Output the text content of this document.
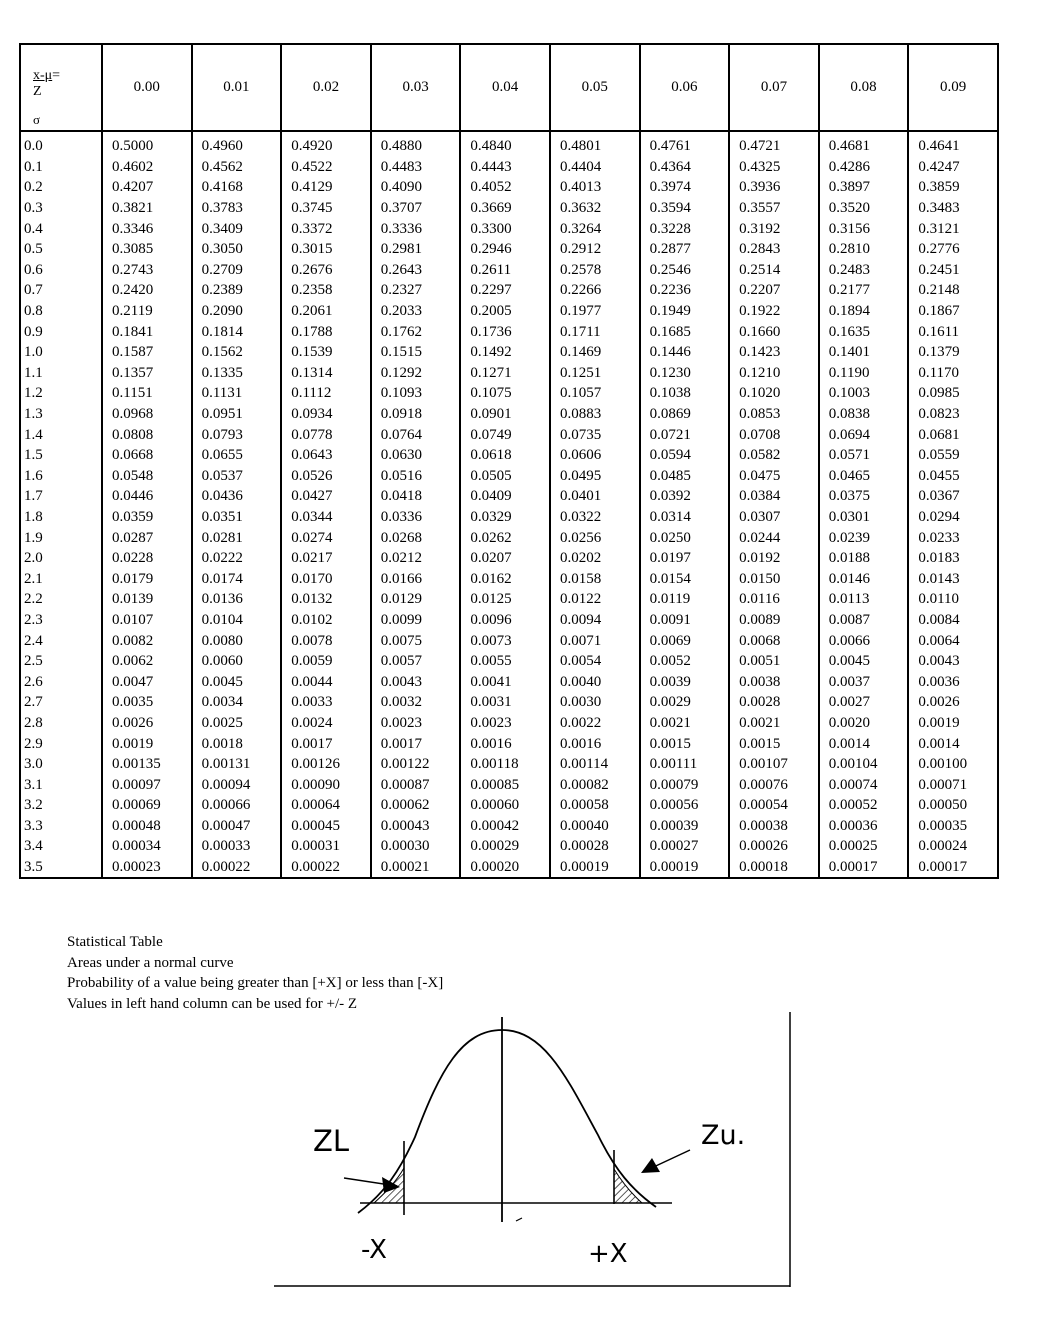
x-μ=
Z
σ	0.00	0.01	0.02	0.03	0.04	0.05	0.06	0.07	0.08	0.09
0.0	0.5000	0.4960	0.4920	0.4880	0.4840	0.4801	0.4761	0.4721	0.4681	0.4641
0.1	0.4602	0.4562	0.4522	0.4483	0.4443	0.4404	0.4364	0.4325	0.4286	0.4247
0.2	0.4207	0.4168	0.4129	0.4090	0.4052	0.4013	0.3974	0.3936	0.3897	0.3859
0.3	0.3821	0.3783	0.3745	0.3707	0.3669	0.3632	0.3594	0.3557	0.3520	0.3483
0.4	0.3346	0.3409	0.3372	0.3336	0.3300	0.3264	0.3228	0.3192	0.3156	0.3121
0.5	0.3085	0.3050	0.3015	0.2981	0.2946	0.2912	0.2877	0.2843	0.2810	0.2776
0.6	0.2743	0.2709	0.2676	0.2643	0.2611	0.2578	0.2546	0.2514	0.2483	0.2451
0.7	0.2420	0.2389	0.2358	0.2327	0.2297	0.2266	0.2236	0.2207	0.2177	0.2148
0.8	0.2119	0.2090	0.2061	0.2033	0.2005	0.1977	0.1949	0.1922	0.1894	0.1867
0.9	0.1841	0.1814	0.1788	0.1762	0.1736	0.1711	0.1685	0.1660	0.1635	0.1611
1.0	0.1587	0.1562	0.1539	0.1515	0.1492	0.1469	0.1446	0.1423	0.1401	0.1379
1.1	0.1357	0.1335	0.1314	0.1292	0.1271	0.1251	0.1230	0.1210	0.1190	0.1170
1.2	0.1151	0.1131	0.1112	0.1093	0.1075	0.1057	0.1038	0.1020	0.1003	0.0985
1.3	0.0968	0.0951	0.0934	0.0918	0.0901	0.0883	0.0869	0.0853	0.0838	0.0823
1.4	0.0808	0.0793	0.0778	0.0764	0.0749	0.0735	0.0721	0.0708	0.0694	0.0681
1.5	0.0668	0.0655	0.0643	0.0630	0.0618	0.0606	0.0594	0.0582	0.0571	0.0559
1.6	0.0548	0.0537	0.0526	0.0516	0.0505	0.0495	0.0485	0.0475	0.0465	0.0455
1.7	0.0446	0.0436	0.0427	0.0418	0.0409	0.0401	0.0392	0.0384	0.0375	0.0367
1.8	0.0359	0.0351	0.0344	0.0336	0.0329	0.0322	0.0314	0.0307	0.0301	0.0294
1.9	0.0287	0.0281	0.0274	0.0268	0.0262	0.0256	0.0250	0.0244	0.0239	0.0233
2.0	0.0228	0.0222	0.0217	0.0212	0.0207	0.0202	0.0197	0.0192	0.0188	0.0183
2.1	0.0179	0.0174	0.0170	0.0166	0.0162	0.0158	0.0154	0.0150	0.0146	0.0143
2.2	0.0139	0.0136	0.0132	0.0129	0.0125	0.0122	0.0119	0.0116	0.0113	0.0110
2.3	0.0107	0.0104	0.0102	0.0099	0.0096	0.0094	0.0091	0.0089	0.0087	0.0084
2.4	0.0082	0.0080	0.0078	0.0075	0.0073	0.0071	0.0069	0.0068	0.0066	0.0064
2.5	0.0062	0.0060	0.0059	0.0057	0.0055	0.0054	0.0052	0.0051	0.0045	0.0043
2.6	0.0047	0.0045	0.0044	0.0043	0.0041	0.0040	0.0039	0.0038	0.0037	0.0036
2.7	0.0035	0.0034	0.0033	0.0032	0.0031	0.0030	0.0029	0.0028	0.0027	0.0026
2.8	0.0026	0.0025	0.0024	0.0023	0.0023	0.0022	0.0021	0.0021	0.0020	0.0019
2.9	0.0019	0.0018	0.0017	0.0017	0.0016	0.0016	0.0015	0.0015	0.0014	0.0014
3.0	0.00135	0.00131	0.00126	0.00122	0.00118	0.00114	0.00111	0.00107	0.00104	0.00100
3.1	0.00097	0.00094	0.00090	0.00087	0.00085	0.00082	0.00079	0.00076	0.00074	0.00071
3.2	0.00069	0.00066	0.00064	0.00062	0.00060	0.00058	0.00056	0.00054	0.00052	0.00050
3.3	0.00048	0.00047	0.00045	0.00043	0.00042	0.00040	0.00039	0.00038	0.00036	0.00035
3.4	0.00034	0.00033	0.00031	0.00030	0.00029	0.00028	0.00027	0.00026	0.00025	0.00024
3.5	0.00023	0.00022	0.00022	0.00021	0.00020	0.00019	0.00019	0.00018	0.00017	0.00017
Statistical Table
Areas under a normal curve
Probability of a value being greater than [+X] or less than [-X]
Values in left hand column can be used for +/- Z
ZL	Zu.
-X	+X
